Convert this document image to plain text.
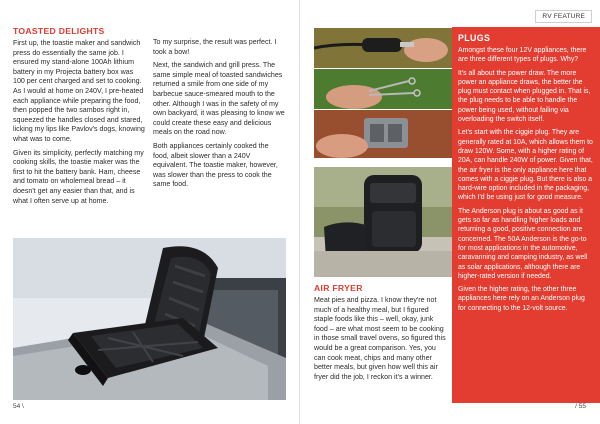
TOASTED DELIGHTS

First up, the toastie maker and sandwich press do essentially the same job. I ensured my stand-alone 100Ah lithium battery in my Projecta battery box was 100 per cent charged and set to cooking. As I would at home on 240V, I pre-heated each appliance while preparing the food, then popped the two sambos right in, squeezed the handles closed and stared, licking my lips like Pavlov's dogs, knowing what was to come.

Given its simplicity, perfectly matching my cooking skills, the toastie maker was the first to hit the battery bank. Ham, cheese and tomato on wholemeal bread – it doesn't get any easier than that, and is what I often serve up at home.

To my surprise, the result was perfect. I took a bow!

Next, the sandwich and grill press. The same simple meal of toasted sandwiches returned a smile from one side of my barbecue sauce-smeared mouth to the other. Although I was in the safety of my own backyard, it was pleasing to know we could create these easy and delicious meals on the road now.

Both appliances certainly cooked the food, albeit slower than a 240V equivalent. The toastie maker, however, was slower than the press to cook the same food.

54 \
RV FEATURE
AIR FRYER

Meat pies and pizza. I know they're not much of a healthy meal, but I figured staple foods like this – well, okay, junk food – are what most seem to be cooking in those small travel ovens, so figured this would be a great comparison. Yes, you can cook meat, chips and many other better meals, but given how well this air fryer did the job, I reckon it's a winner.

PLUGS

Amongst these four 12V appliances, there are three different types of plugs. Why?

It's all about the power draw. The more power an appliance draws, the better the plug must contact when plugged in. That is, the plug needs to be able to handle the power being used, without failing via overloading the switch itself.

Let's start with the ciggie plug. They are generally rated at 10A, which allows them to draw 120W. Some, with a higher rating of 20A, can handle 240W of power. Given that, the air fryer is the only appliance here that comes with a ciggie plug. But there is also a hard-wire option included in the packaging, which I'd be using just for good measure.

The Anderson plug is about as good as it gets so far as handling higher loads and returning a good, positive connection are concerned. The 50A Anderson is the go-to for most applications in the automotive, caravanning and camping industry, as well as solar applications, although there are higher-rated version if needed.

Given the higher rating, the other three appliances here rely on an Anderson plug for connecting to the 12-volt source.

/ 55
